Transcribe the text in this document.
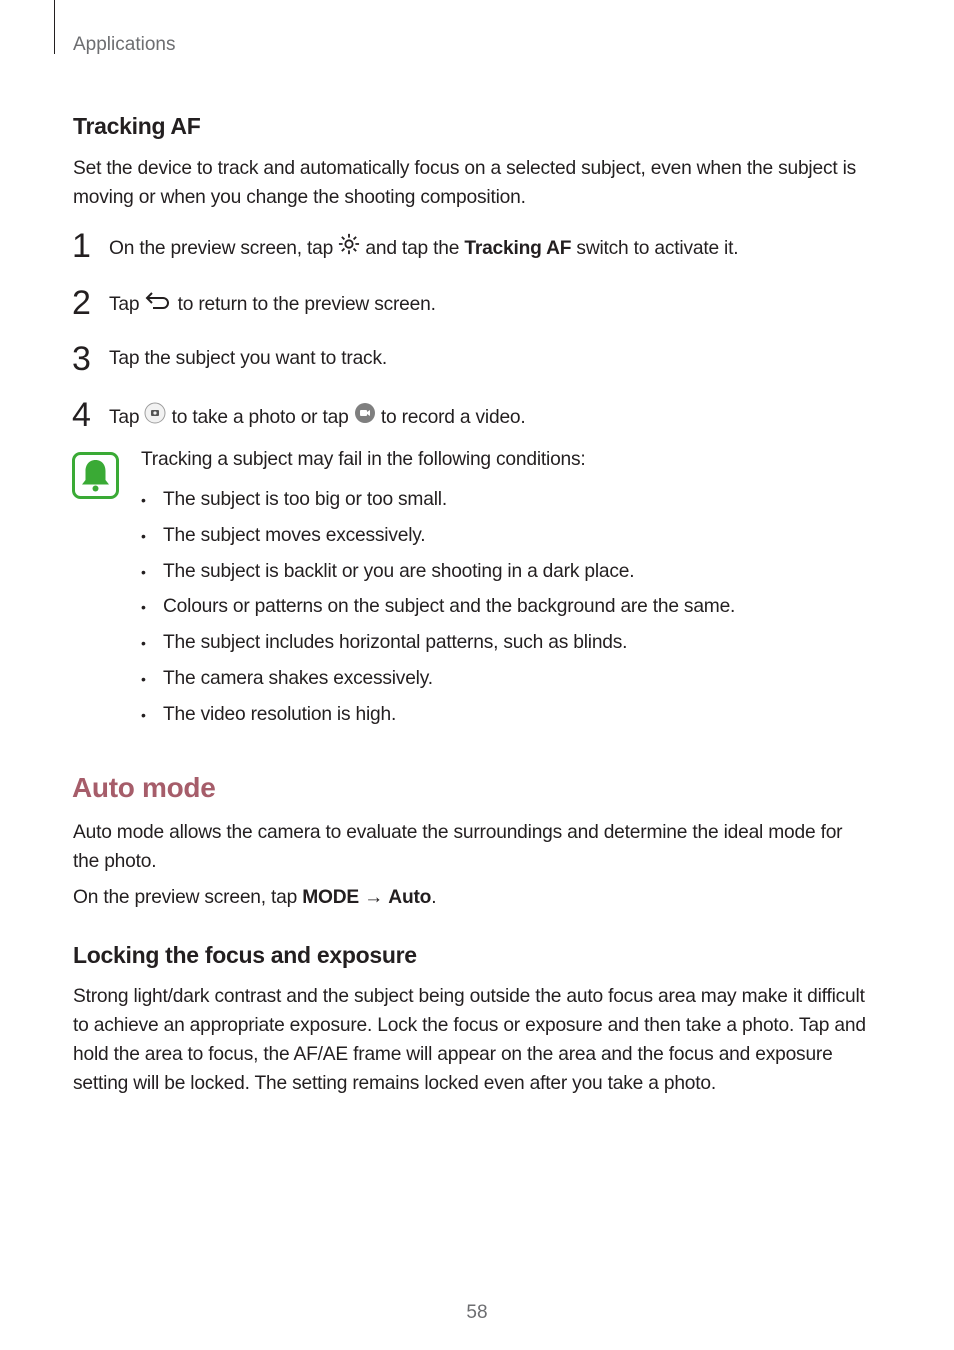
Applications
Tracking AF
Set the device to track and automatically focus on a selected subject, even when the subject is moving or when you change the shooting composition.
1 On the preview screen, tap and tap the Tracking AF switch to activate it.
2 Tap to return to the preview screen.
3 Tap the subject you want to track.
4 Tap to take a photo or tap to record a video.
Tracking a subject may fail in the following conditions:
• The subject is too big or too small.
• The subject moves excessively.
• The subject is backlit or you are shooting in a dark place.
• Colours or patterns on the subject and the background are the same.
• The subject includes horizontal patterns, such as blinds.
• The camera shakes excessively.
• The video resolution is high.
Auto mode
Auto mode allows the camera to evaluate the surroundings and determine the ideal mode for the photo.
On the preview screen, tap MODE → Auto.
Locking the focus and exposure
Strong light/dark contrast and the subject being outside the auto focus area may make it difficult to achieve an appropriate exposure. Lock the focus or exposure and then take a photo. Tap and hold the area to focus, the AF/AE frame will appear on the area and the focus and exposure setting will be locked. The setting remains locked even after you take a photo.
58
